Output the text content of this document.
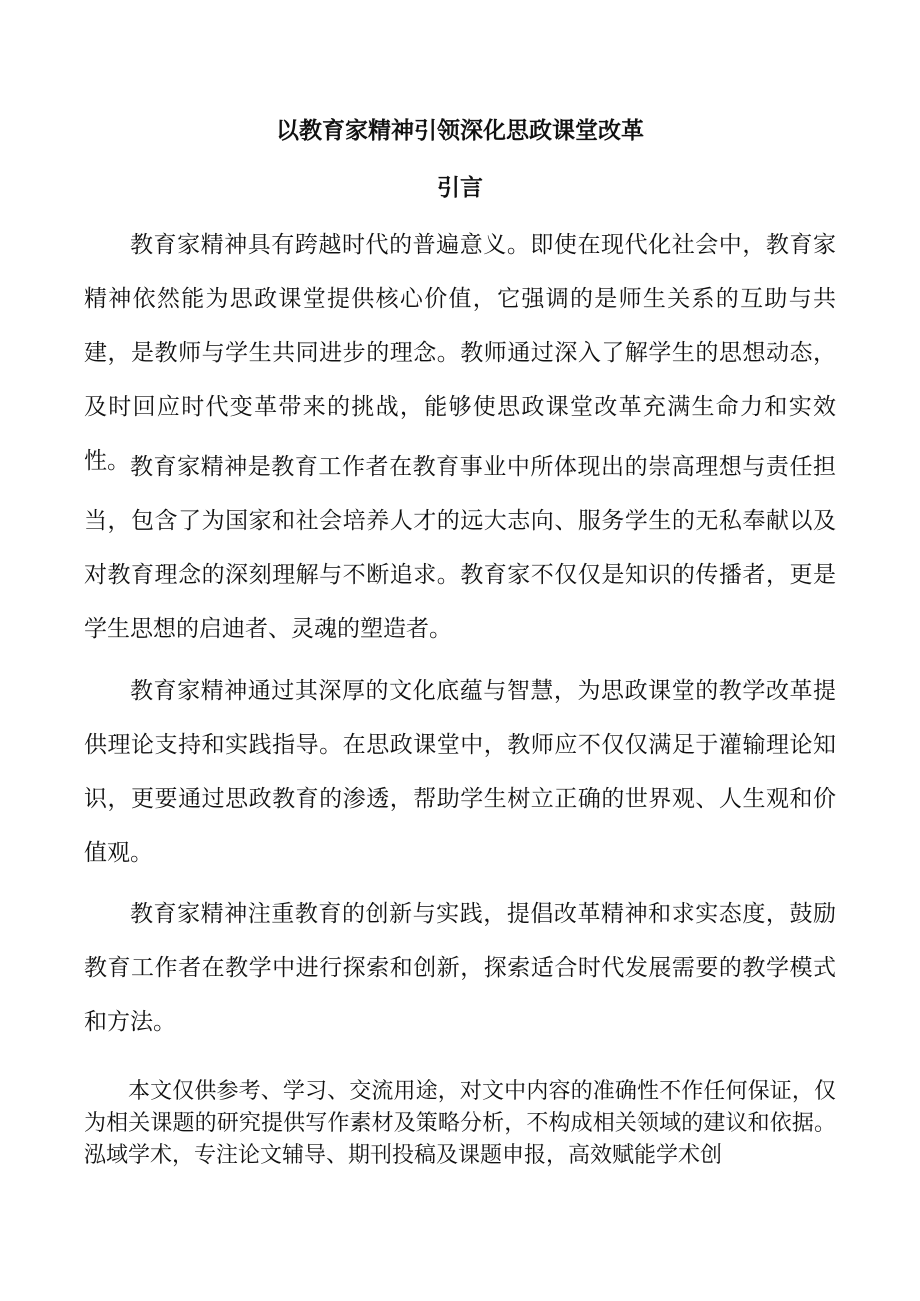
以教育家精神引领深化思政课堂改革
引言

教育家精神具有跨越时代的普遍意义。即使在现代化社会中，教育家精神依然能为思政课堂提供核心价值，它强调的是师生关系的互助与共建，是教师与学生共同进步的理念。教师通过深入了解学生的思想动态，及时回应时代变革带来的挑战，能够使思政课堂改革充满生命力和实效性。 教育家精神是教育工作者在教育事业中所体现出的崇高理想与责任担当，包含了为国家和社会培养人才的远大志向、服务学生的无私奉献以及对教育理念的深刻理解与不断追求。教育家不仅仅是知识的传播者，更是学生思想的启迪者、灵魂的塑造者。

教育家精神通过其深厚的文化底蕴与智慧，为思政课堂的教学改革提供理论支持和实践指导。在思政课堂中，教师应不仅仅满足于灌输理论知识，更要通过思政教育的渗透，帮助学生树立正确的世界观、人生观和价值观。

教育家精神注重教育的创新与实践，提倡改革精神和求实态度，鼓励教育工作者在教学中进行探索和创新，探索适合时代发展需要的教学模式和方法。

本文仅供参考、学习、交流用途，对文中内容的准确性不作任何保证，仅为相关课题的研究提供写作素材及策略分析，不构成相关领域的建议和依据。泓域学术，专注论文辅导、期刊投稿及课题申报，高效赋能学术创
